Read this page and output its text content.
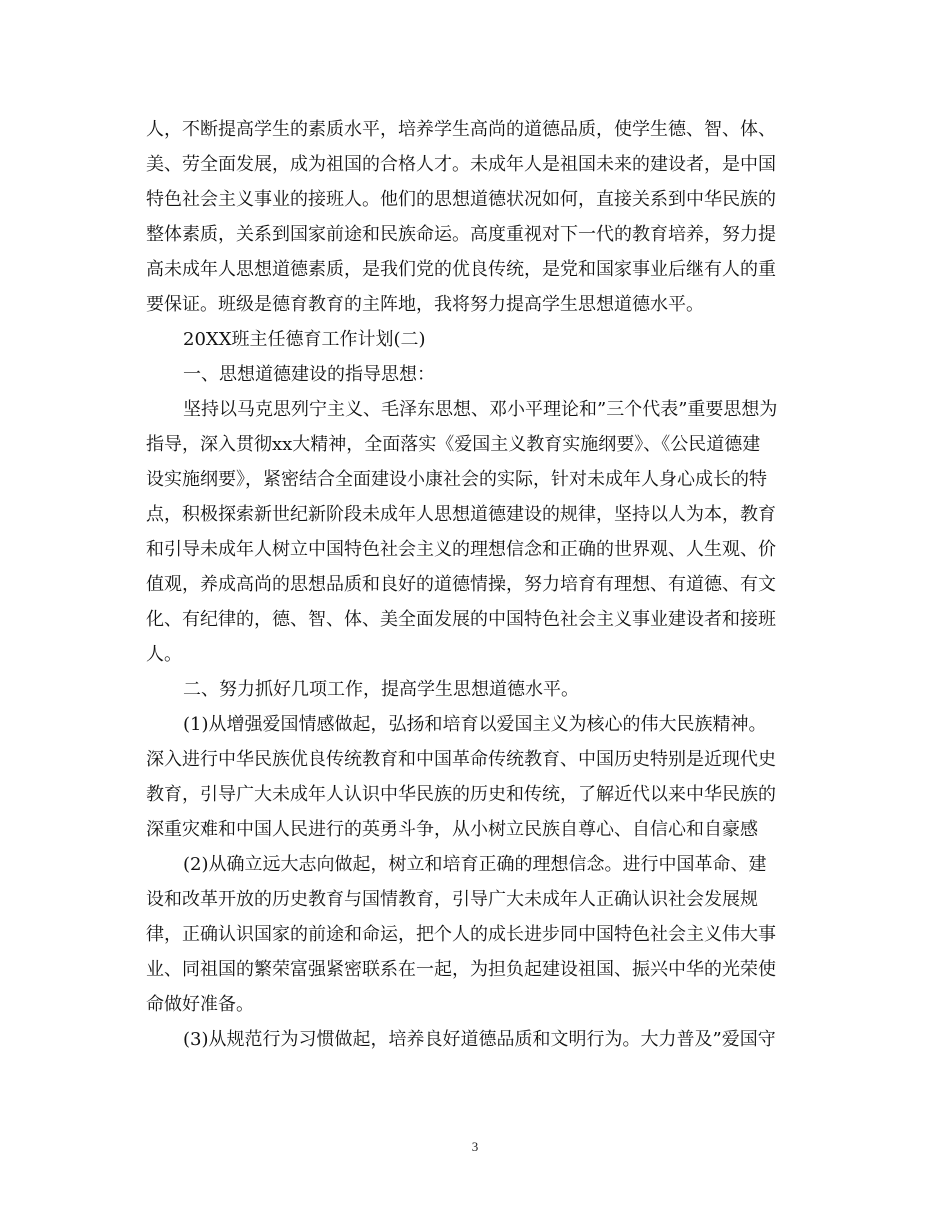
人，不断提高学生的素质水平，培养学生高尚的道德品质，使学生德、智、体、
美、劳全面发展，成为祖国的合格人才。未成年人是祖国未来的建设者，是中国
特色社会主义事业的接班人。他们的思想道德状况如何，直接关系到中华民族的
整体素质，关系到国家前途和民族命运。高度重视对下一代的教育培养，努力提
高未成年人思想道德素质，是我们党的优良传统，是党和国家事业后继有人的重
要保证。班级是德育教育的主阵地，我将努力提高学生思想道德水平。
20XX班主任德育工作计划(二)
一、思想道德建设的指导思想：
坚持以马克思列宁主义、毛泽东思想、邓小平理论和”三个代表”重要思想为
指导，深入贯彻xx大精神，全面落实《爱国主义教育实施纲要》、《公民道德建
设实施纲要》，紧密结合全面建设小康社会的实际，针对未成年人身心成长的特
点，积极探索新世纪新阶段未成年人思想道德建设的规律，坚持以人为本，教育
和引导未成年人树立中国特色社会主义的理想信念和正确的世界观、人生观、价
值观，养成高尚的思想品质和良好的道德情操，努力培育有理想、有道德、有文
化、有纪律的，德、智、体、美全面发展的中国特色社会主义事业建设者和接班
人。
二、努力抓好几项工作，提高学生思想道德水平。
(1)从增强爱国情感做起，弘扬和培育以爱国主义为核心的伟大民族精神。
深入进行中华民族优良传统教育和中国革命传统教育、中国历史特别是近现代史
教育，引导广大未成年人认识中华民族的历史和传统，了解近代以来中华民族的
深重灾难和中国人民进行的英勇斗争，从小树立民族自尊心、自信心和自豪感
(2)从确立远大志向做起，树立和培育正确的理想信念。进行中国革命、建
设和改革开放的历史教育与国情教育，引导广大未成年人正确认识社会发展规
律，正确认识国家的前途和命运，把个人的成长进步同中国特色社会主义伟大事
业、同祖国的繁荣富强紧密联系在一起，为担负起建设祖国、振兴中华的光荣使
命做好准备。
(3)从规范行为习惯做起，培养良好道德品质和文明行为。大力普及”爱国守
3
